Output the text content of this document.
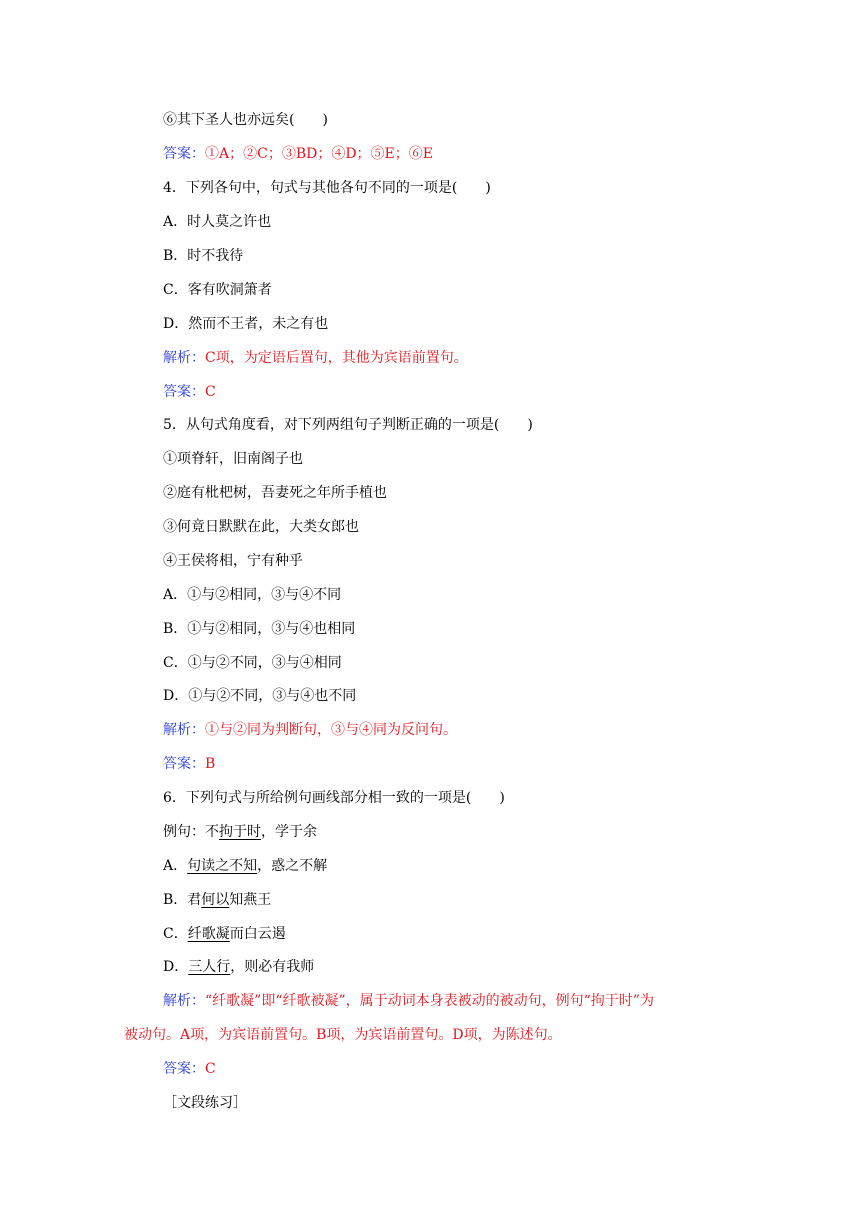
⑥其下圣人也亦远矣(　　)
答案：①A；②C；③BD；④D；⑤E；⑥E
4．下列各句中，句式与其他各句不同的一项是(　　)
A．时人莫之许也
B．时不我待
C．客有吹洞箫者
D．然而不王者，未之有也
解析：C项，为定语后置句，其他为宾语前置句。
答案：C
5．从句式角度看，对下列两组句子判断正确的一项是(　　)
①项脊轩，旧南阁子也
②庭有枇杷树，吾妻死之年所手植也
③何竟日默默在此，大类女郎也
④王侯将相，宁有种乎
A．①与②相同，③与④不同
B．①与②相同，③与④也相同
C．①与②不同，③与④相同
D．①与②不同，③与④也不同
解析：①与②同为判断句，③与④同为反问句。
答案：B
6．下列句式与所给例句画线部分相一致的一项是(　　)
例句：不拘于时，学于余
A．句读之不知，惑之不解
B．君何以知燕王
C．纤歌凝而白云遏
D．三人行，则必有我师
解析：“纤歌凝”即“纤歌被凝”，属于动词本身表被动的被动句，例句“拘于时”为
被动句。A项，为宾语前置句。B项，为宾语前置句。D项，为陈述句。
答案：C
［文段练习］
